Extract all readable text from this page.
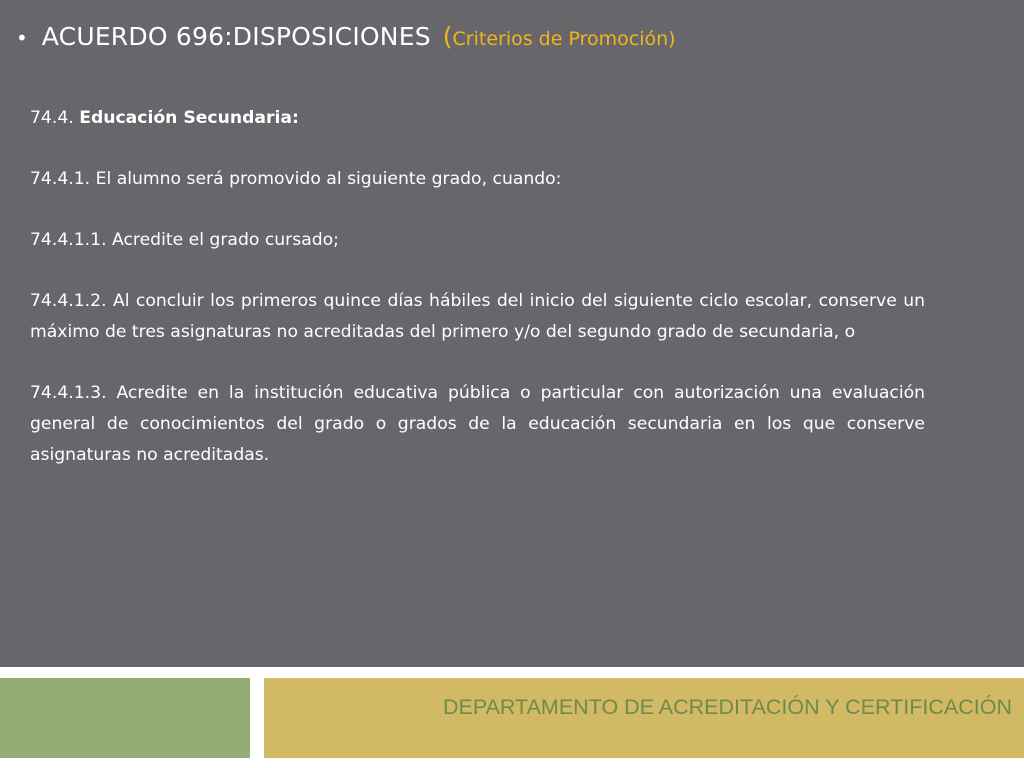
• ACUERDO 696:DISPOSICIONES (Criterios de Promoción)

74.4. Educación Secundaria:

74.4.1. El alumno será promovido al siguiente grado, cuando:

74.4.1.1. Acredite el grado cursado;

74.4.1.2. Al concluir los primeros quince días hábiles del inicio del siguiente ciclo escolar, conserve un máximo de tres asignaturas no acreditadas del primero y/o del segundo grado de secundaria, o

74.4.1.3. Acredite en la institución educativa pública o particular con autorización una evaluación general de conocimientos del grado o grados de la educación secundaria en los que conserve asignaturas no acreditadas.

DEPARTAMENTO DE ACREDITACIÓN Y CERTIFICACIÓN
